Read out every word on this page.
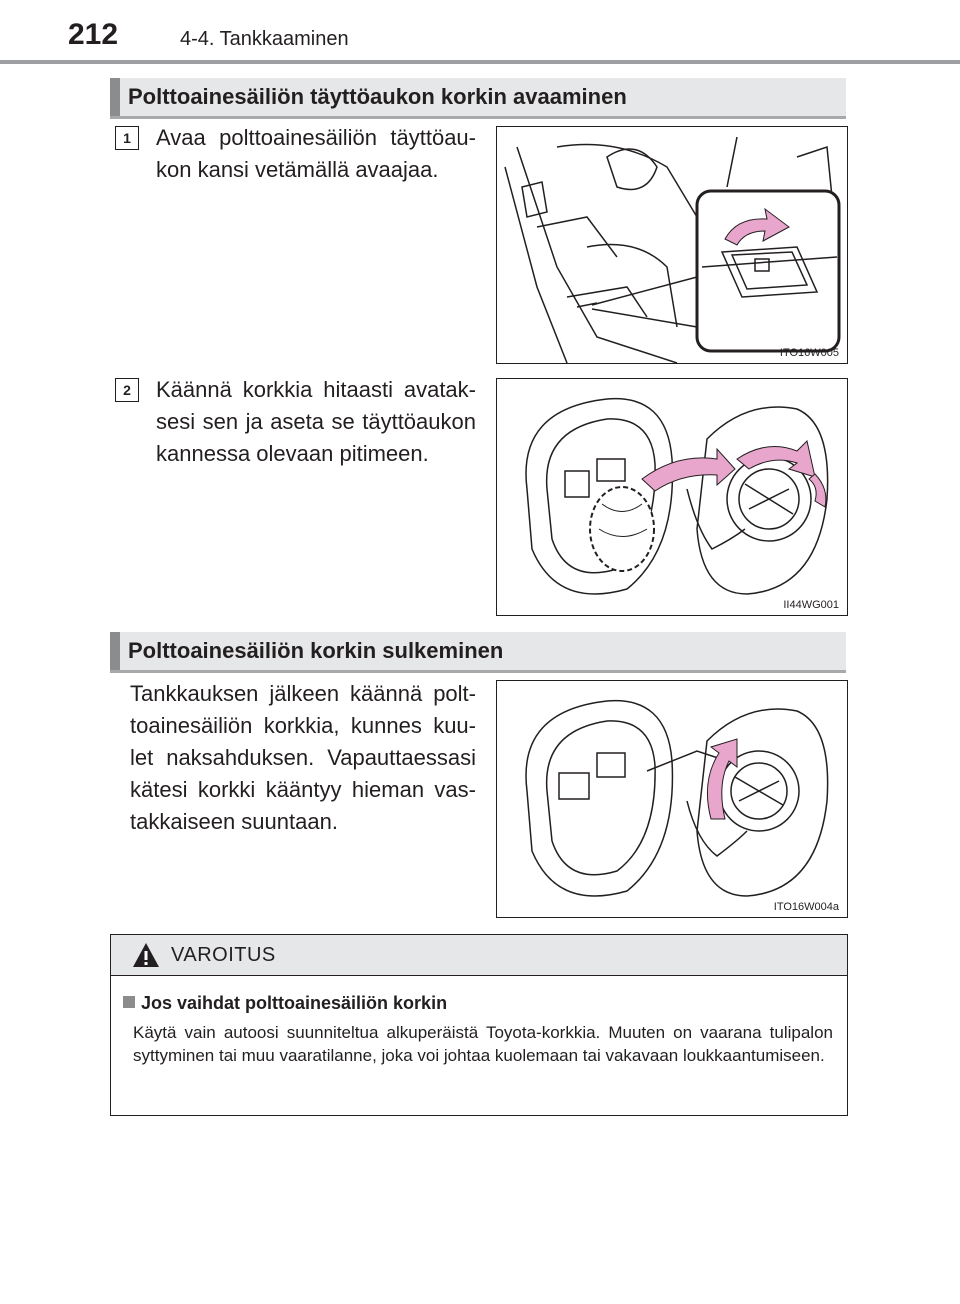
212	4-4. Tankkaaminen
Polttoainesäiliön täyttöaukon korkin avaaminen
1	Avaa polttoainesäiliön täyttöaukon kansi vetämällä avaajaa.
ITO16W005
2	Käännä korkkia hitaasti avataksesi sen ja aseta se täyttöaukon kannessa olevaan pitimeen.
II44WG001
Polttoainesäiliön korkin sulkeminen
Tankkauksen jälkeen käännä polttoainesäiliön korkkia, kunnes kuulet naksahduksen. Vapauttaessasi kätesi korkki kääntyy hieman vastakkaiseen suuntaan.
ITO16W004a
VAROITUS
Jos vaihdat polttoainesäiliön korkin
Käytä vain autoosi suunniteltua alkuperäistä Toyota-korkkia. Muuten on vaarana tulipalon syttyminen tai muu vaaratilanne, joka voi johtaa kuolemaan tai vakavaan loukkaantumiseen.
